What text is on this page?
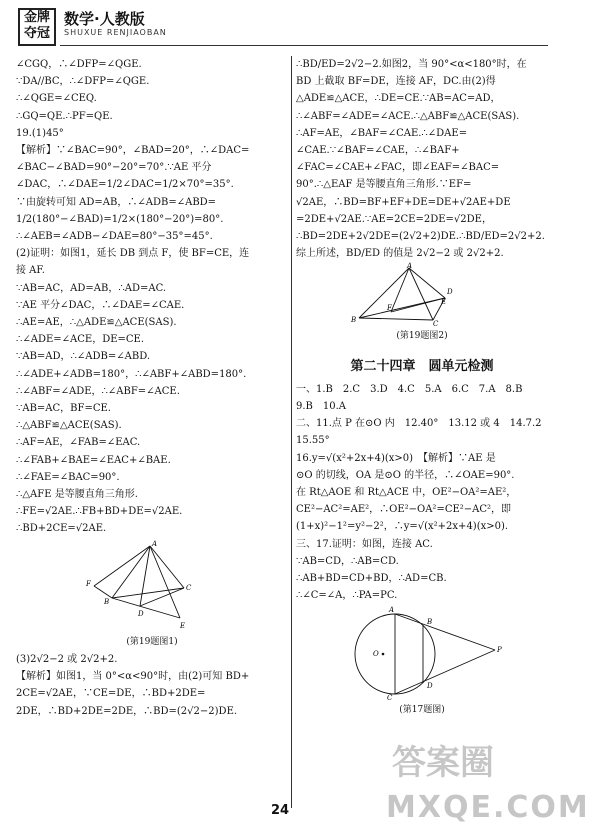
金牌
夺冠
数学·人教版
SHUXUE RENJIAOBAN
∠CGQ，∴∠DFP=∠QGE.
∵DA//BC，∴∠DFP=∠QGE.
∴∠QGE=∠CEQ.
∴GQ=QE.∴PF=QE.
19.(1)45°
【解析】∵∠BAC=90°，∠BAD=20°，∴∠DAC=
∠BAC−∠BAD=90°−20°=70°.∵AE 平分
∠DAC，∴∠DAE=1/2∠DAC=1/2×70°=35°.
∵由旋转可知 AD=AB，∴∠ADB=∠ABD=
1/2(180°−∠BAD)=1/2×(180°−20°)=80°.
∴∠AEB=∠ADB−∠DAE=80°−35°=45°.
(2)证明：如图1，延长 DB 到点 F，使 BF=CE，连
接 AF.
∵AB=AC，AD=AB，∴AD=AC.
∵AE 平分∠DAC，∴∠DAE=∠CAE.
∴AE=AE，∴△ADE≌△ACE(SAS).
∴∠ADE=∠ACE，DE=CE.
∵AB=AD，∴∠ADB=∠ABD.
∴∠ADE+∠ADB=180°，∴∠ABF+∠ABD=180°.
∴∠ABF=∠ADE，∴∠ABF=∠ACE.
∵AB=AC，BF=CE.
∴△ABF≌△ACE(SAS).
∴AF=AE，∠FAB=∠EAC.
∴∠FAB+∠BAE=∠EAC+∠BAE.
∴∠FAE=∠BAC=90°.
∴△AFE 是等腰直角三角形.
∴FE=√2AE.∴FB+BD+DE=√2AE.
∴BD+2CE=√2AE.
A
F
B
C
D
E
(第19题图1)
(3)2√2−2 或 2√2+2.
【解析】如图1，当 0°<α<90°时，由(2)可知 BD+
2CE=√2AE，∵CE=DE，∴BD+2DE=
2DE，∴BD+2DE=2DE，∴BD=(2√2−2)DE.
∴BD/ED=2√2−2.如图2，当 90°<α<180°时，在
BD 上截取 BF=DE，连接 AF，DC.由(2)得
△ADE≌△ACE，∴DE=CE.∵AB=AC=AD，
∴∠ABF=∠ADE=∠ACE.∴△ABF≌△ACE(SAS).
∴AF=AE，∠BAF=∠CAE.∴∠DAE=
∠CAE.∵∠BAF=∠CAE，∴∠BAF+
∠FAC=∠CAE+∠FAC，即∠EAF=∠BAC=
90°.∴△EAF 是等腰直角三角形.∵EF=
√2AE，∴BD=BF+EF+DE=DE+√2AE+DE
=2DE+√2AE.∵AE=2CE=2DE=√2DE，
∴BD=2DE+2√2DE=(2√2+2)DE.∴BD/ED=2√2+2.
综上所述，BD/ED 的值是 2√2−2 或 2√2+2.
A
B
D
E
F
C
(第19题图2)
第二十四章　圆单元检测
一、1.B　2.C　3.D　4.C　5.A　6.C　7.A　8.B
9.B　10.A
二、11.点 P 在⊙O 内　12.40°　13.12 或 4　14.7.2
15.55°
16.y=√(x²+2x+4)(x>0)　【解析】∵AE 是
⊙O 的切线，OA 是⊙O 的半径，∴∠OAE=90°.
在 Rt△AOE 和 Rt△ACE 中，OE²−OA²=AE²，
CE²−AC²=AE²，∴OE²−OA²=CE²−AC²，即
(1+x)²−1²=y²−2²，∴y=√(x²+2x+4)(x>0).
三、17.证明：如图，连接 AC.
∵AB=CD，∴AB=CD.
∴AB+BD=CD+BD，∴AD=CB.
∴∠C=∠A，∴PA=PC.
A
B
O
C
D
P
(第17题图)
答案圈
MXQE.COM
24
